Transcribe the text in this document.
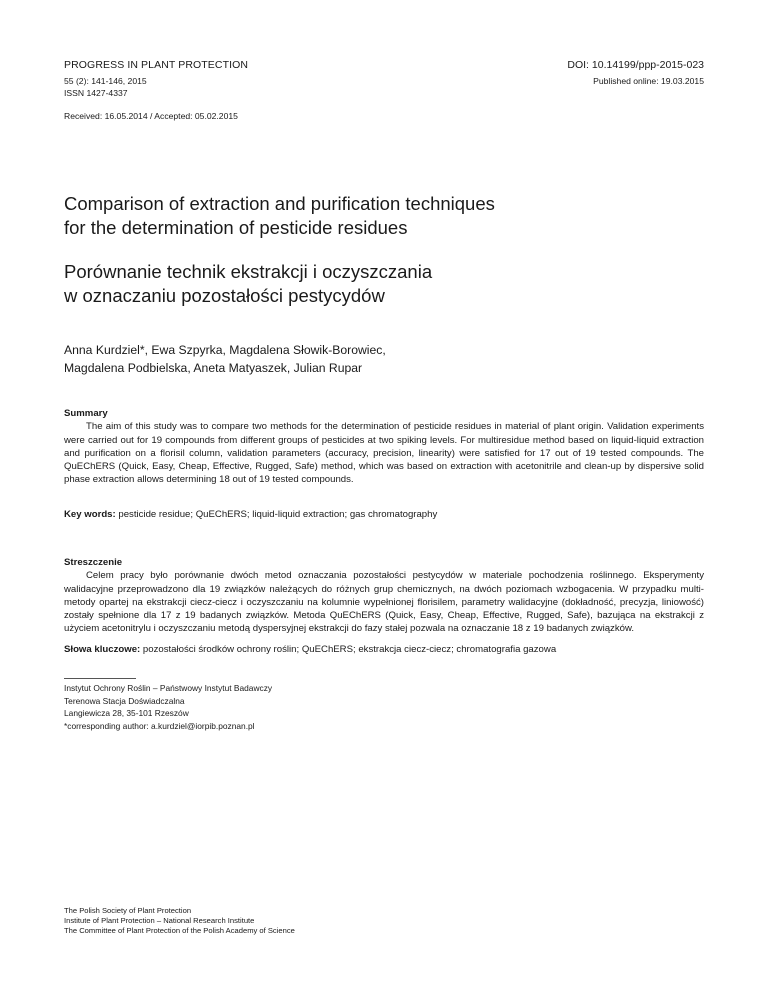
PROGRESS IN PLANT PROTECTION

55 (2): 141-146, 2015

ISSN 1427-4337

DOI: 10.14199/ppp-2015-023

Published online: 19.03.2015

Received: 16.05.2014 / Accepted: 05.02.2015
Comparison of extraction and purification techniques
for the determination of pesticide residues
Porównanie technik ekstrakcji i oczyszczania
w oznaczaniu pozostałości pestycydów
Anna Kurdziel*, Ewa Szpyrka, Magdalena Słowik-Borowiec,
Magdalena Podbielska, Aneta Matyaszek, Julian Rupar
Summary

The aim of this study was to compare two methods for the determination of pesticide residues in material of plant origin. Validation experiments were carried out for 19 compounds from different groups of pesticides at two spiking levels. For multiresidue method based on liquid-liquid extraction and purification on a florisil column, validation parameters (accuracy, precision, linearity) were satisfied for 17 out of 19 tested compounds. The QuEChERS (Quick, Easy, Cheap, Effective, Rugged, Safe) method, which was based on extraction with acetonitrile and clean-up by dispersive solid phase extraction allows determining 18 out of 19 tested compounds.

Key words: pesticide residue; QuEChERS; liquid-liquid extraction; gas chromatography
Streszczenie

Celem pracy było porównanie dwóch metod oznaczania pozostałości pestycydów w materiale pochodzenia roślinnego. Eksperymenty walidacyjne przeprowadzono dla 19 związków należących do różnych grup chemicznych, na dwóch poziomach wzbogacenia. W przypadku multi-metody opartej na ekstrakcji ciecz-ciecz i oczyszczaniu na kolumnie wypełnionej florisilem, parametry walidacyjne (dokładność, precyzja, liniowość) zostały spełnione dla 17 z 19 badanych związków. Metoda QuEChERS (Quick, Easy, Cheap, Effective, Rugged, Safe), bazująca na ekstrakcji z użyciem acetonitrylu i oczyszczaniu metodą dyspersyjnej ekstrakcji do fazy stałej pozwala na oznaczanie 18 z 19 badanych związków.

Słowa kluczowe: pozostałości środków ochrony roślin; QuEChERS; ekstrakcja ciecz-ciecz; chromatografia gazowa
Instytut Ochrony Roślin – Państwowy Instytut Badawczy
Terenowa Stacja Doświadczalna
Langiewicza 28, 35-101 Rzeszów
*corresponding author: a.kurdziel@iorpib.poznan.pl
The Polish Society of Plant Protection
Institute of Plant Protection – National Research Institute
The Committee of Plant Protection of the Polish Academy of Science
